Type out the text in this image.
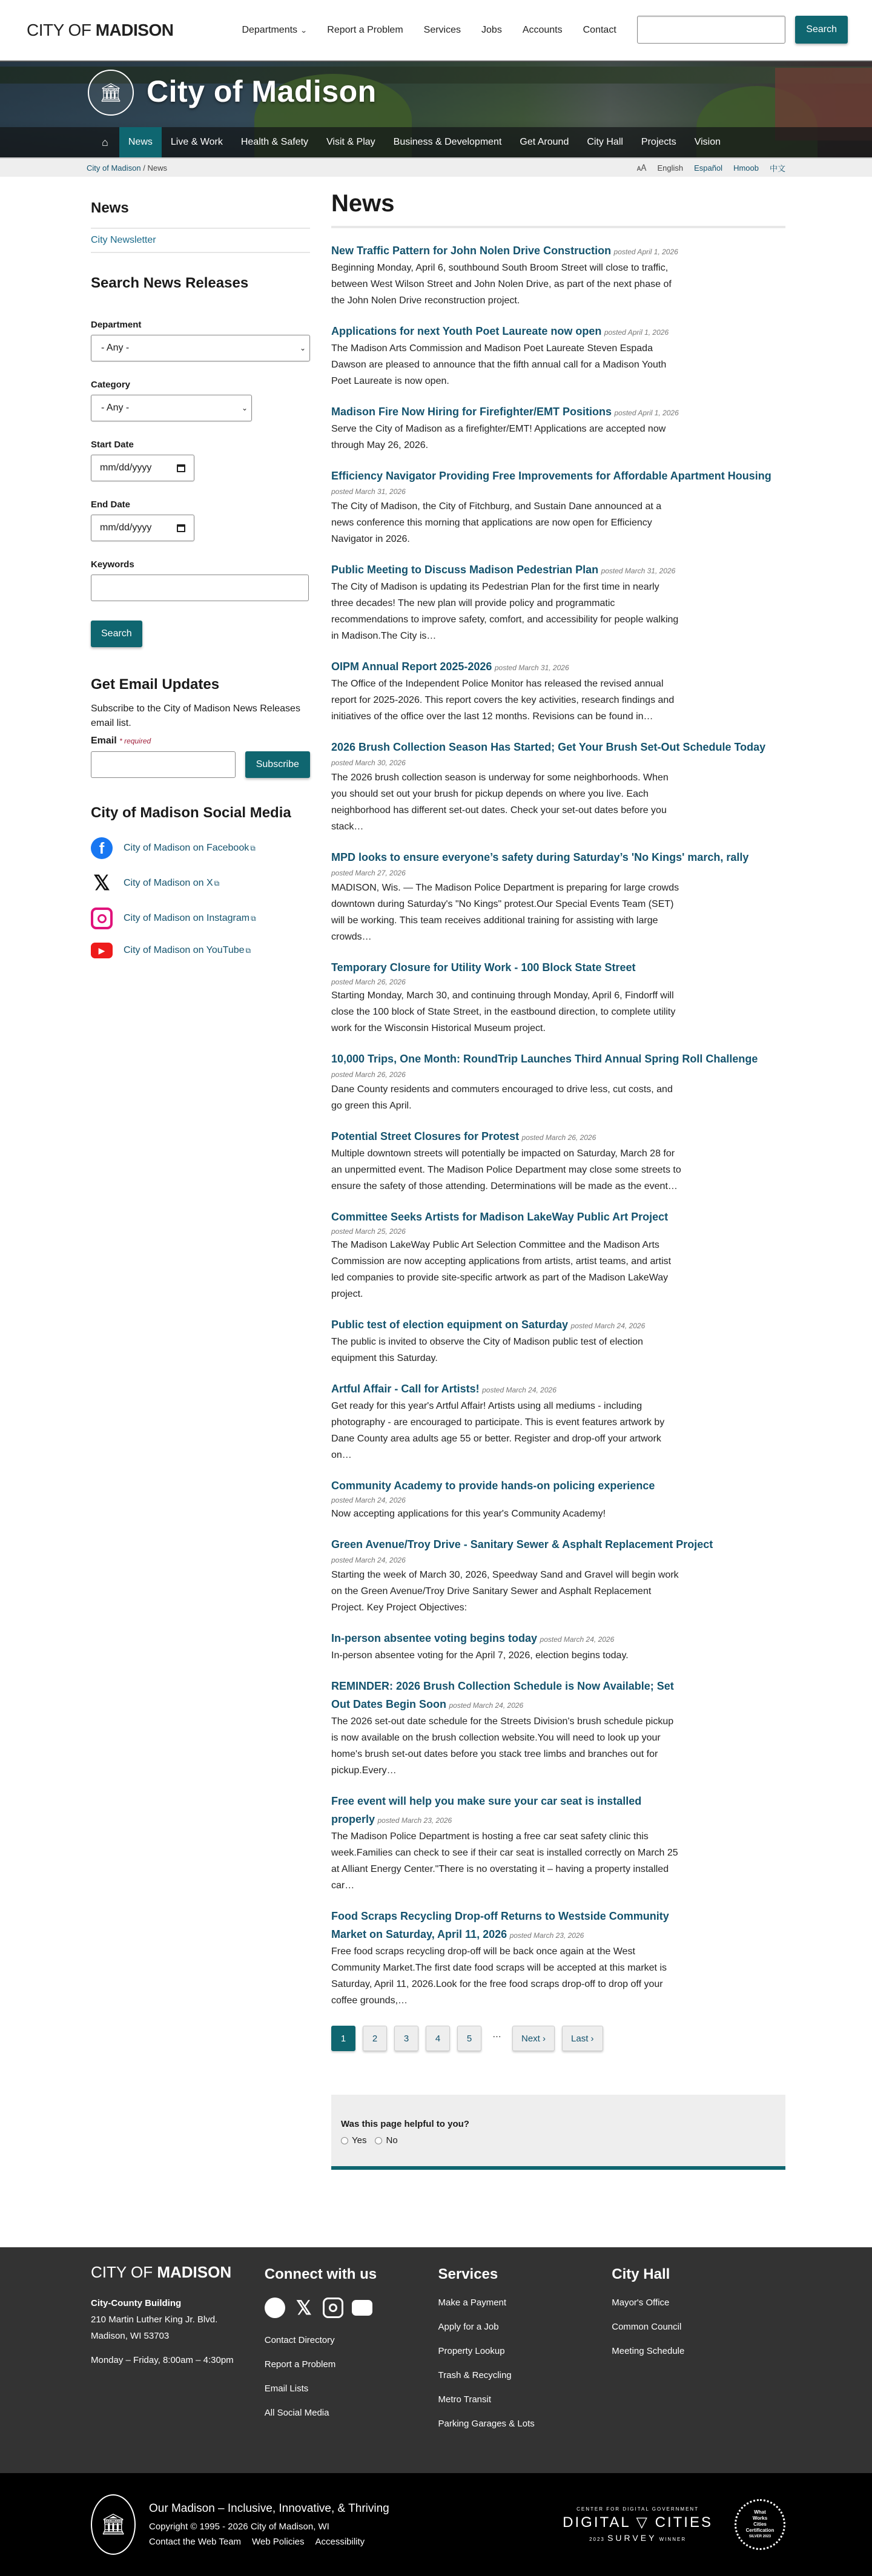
CITY OF MADISON	Departments ⌄	Report a Problem	Services	Jobs	Accounts	Contact	Search
🏛 City of Madison
⌂	News	Live & Work	Health & Safety	Visit & Play	Business & Development	Get Around	City Hall	Projects	Vision
City of Madison / News	🗚 English Español Hmoob 中文
News
City Newsletter
Search News Releases
Department
- Any -	⌄
Category
- Any -	⌄
Start Date
mm/dd/yyyy
End Date
mm/dd/yyyy
Keywords
Search
Get Email Updates

Subscribe to the City of Madison News Releases email list.

Email * required
Subscribe
City of Madison Social Media
f	City of Madison on Facebook ⧉
𝕏 City of Madison on X ⧉
City of Madison on Instagram ⧉
▶	City of Madison on YouTube ⧉
News
New Traffic Pattern for John Nolen Drive Construction posted April 1, 2026

Beginning Monday, April 6, southbound South Broom Street will close to traffic, between West Wilson Street and John Nolen Drive, as part of the next phase of the John Nolen Drive reconstruction project.

Applications for next Youth Poet Laureate now open posted April 1, 2026

The Madison Arts Commission and Madison Poet Laureate Steven Espada Dawson are pleased to announce that the fifth annual call for a Madison Youth Poet Laureate is now open.

Madison Fire Now Hiring for Firefighter/EMT Positions posted April 1, 2026

Serve the City of Madison as a firefighter/EMT! Applications are accepted now through May 26, 2026.

Efficiency Navigator Providing Free Improvements for Affordable Apartment Housing
posted March 31, 2026

The City of Madison, the City of Fitchburg, and Sustain Dane announced at a news conference this morning that applications are now open for Efficiency Navigator in 2026.

Public Meeting to Discuss Madison Pedestrian Plan posted March 31, 2026

The City of Madison is updating its Pedestrian Plan for the first time in nearly three decades! The new plan will provide policy and programmatic recommendations to improve safety, comfort, and accessibility for people walking in Madison.The City is…

OIPM Annual Report 2025-2026 posted March 31, 2026

The Office of the Independent Police Monitor has released the revised annual report for 2025-2026. This report covers the key activities, research findings and initiatives of the office over the last 12 months. Revisions can be found in…

2026 Brush Collection Season Has Started; Get Your Brush Set-Out Schedule Today
posted March 30, 2026

The 2026 brush collection season is underway for some neighborhoods. When you should set out your brush for pickup depends on where you live. Each neighborhood has different set-out dates. Check your set-out dates before you stack…

MPD looks to ensure everyone’s safety during Saturday’s 'No Kings' march, rally
posted March 27, 2026

MADISON, Wis. — The Madison Police Department is preparing for large crowds downtown during Saturday's "No Kings" protest.Our Special Events Team (SET) will be working. This team receives additional training for assisting with large crowds…

Temporary Closure for Utility Work - 100 Block State Street posted March 26, 2026

Starting Monday, March 30, and continuing through Monday, April 6, Findorff will close the 100 block of State Street, in the eastbound direction, to complete utility work for the Wisconsin Historical Museum project.

10,000 Trips, One Month: RoundTrip Launches Third Annual Spring Roll Challenge
posted March 26, 2026

Dane County residents and commuters encouraged to drive less, cut costs, and go green this April.

Potential Street Closures for Protest posted March 26, 2026

Multiple downtown streets will potentially be impacted on Saturday, March 28 for an unpermitted event. The Madison Police Department may close some streets to ensure the safety of those attending. Determinations will be made as the event…

Committee Seeks Artists for Madison LakeWay Public Art Project posted March 25, 2026

The Madison LakeWay Public Art Selection Committee and the Madison Arts Commission are now accepting applications from artists, artist teams, and artist led companies to provide site-specific artwork as part of the Madison LakeWay project.

Public test of election equipment on Saturday posted March 24, 2026

The public is invited to observe the City of Madison public test of election equipment this Saturday.

Artful Affair - Call for Artists! posted March 24, 2026

Get ready for this year's Artful Affair! Artists using all mediums - including photography - are encouraged to participate. This is event features artwork by Dane County area adults age 55 or better. Register and drop-off your artwork on…

Community Academy to provide hands-on policing experience posted March 24, 2026

Now accepting applications for this year's Community Academy!

Green Avenue/Troy Drive - Sanitary Sewer & Asphalt Replacement Project
posted March 24, 2026

Starting the week of March 30, 2026, Speedway Sand and Gravel will begin work on the Green Avenue/Troy Drive Sanitary Sewer and Asphalt Replacement Project. Key Project Objectives:

In-person absentee voting begins today posted March 24, 2026

In-person absentee voting for the April 7, 2026, election begins today.

REMINDER: 2026 Brush Collection Schedule is Now Available; Set Out Dates Begin Soon posted March 24, 2026

The 2026 set-out date schedule for the Streets Division's brush schedule pickup is now available on the brush collection website.You will need to look up your home's brush set-out dates before you stack tree limbs and branches out for pickup.Every…

Free event will help you make sure your car seat is installed properly posted March 23, 2026

The Madison Police Department is hosting a free car seat safety clinic this week.Families can check to see if their car seat is installed correctly on March 25 at Alliant Energy Center."There is no overstating it – having a property installed car…

Food Scraps Recycling Drop-off Returns to Westside Community Market on Saturday, April 11, 2026 posted March 23, 2026

Free food scraps recycling drop-off will be back once again at the West Community Market.The first date food scraps will be accepted at this market is Saturday, April 11, 2026.Look for the free food scraps drop-off to drop off your coffee grounds,…

1	2	3	4	5	…	Next ›	Last ›
Was this page helpful to you?
Yes No
CITY OF MADISON
City-County Building
210 Martin Luther King Jr. Blvd.
Madison, WI 53703
Monday – Friday, 8:00am – 4:30pm
Connect with us
f 𝕏	▶
Contact Directory
Report a Problem
Email Lists
All Social Media
Services
Make a Payment
Apply for a Job
Property Lookup
Trash & Recycling
Metro Transit
Parking Garages & Lots
City Hall
Mayor's Office
Common Council
Meeting Schedule
🏛
Our Madison – Inclusive, Innovative, & Thriving
Copyright © 1995 - 2026 City of Madison, WI
Contact the Web Team Web Policies Accessibility
CENTER FOR DIGITAL GOVERNMENT
DIGITAL ▽ CITIES
2023 SURVEY WINNER
What
Works
Cities
Certification
SILVER 2023
